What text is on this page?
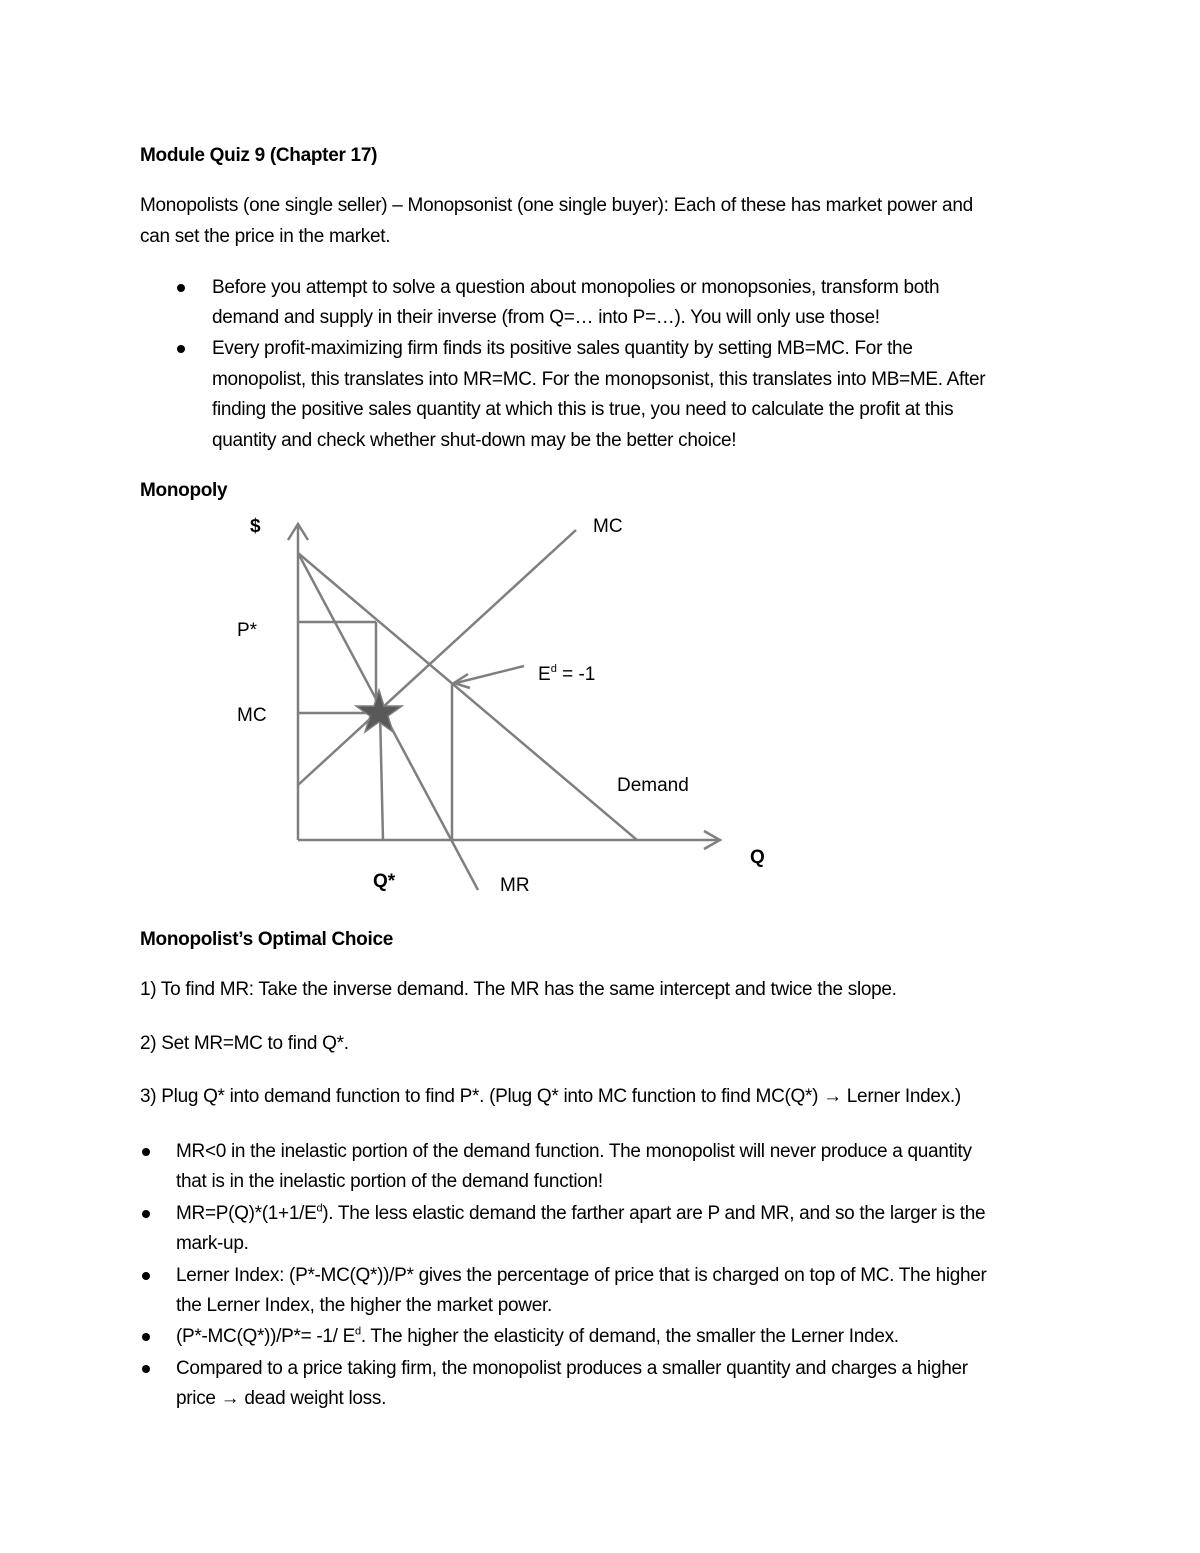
Module Quiz 9 (Chapter 17)
Monopolists (one single seller) – Monopsonist (one single buyer): Each of these has market power and
can set the price in the market.
Before you attempt to solve a question about monopolies or monopsonies, transform both
demand and supply in their inverse (from Q=… into P=…). You will only use those!
Every profit-maximizing firm finds its positive sales quantity by setting MB=MC. For the
monopolist, this translates into MR=MC. For the monopsonist, this translates into MB=ME. After
finding the positive sales quantity at which this is true, you need to calculate the profit at this
quantity and check whether shut-down may be the better choice!
Monopoly
$	MC
P*
MC
$E^d = -1$
Demand
Q
Q*	MR
Monopolist’s Optimal Choice
1) To find MR: Take the inverse demand. The MR has the same intercept and twice the slope.
2) Set MR=MC to find Q*.
3) Plug Q* into demand function to find P*. (Plug Q* into MC function to find MC(Q*) → Lerner Index.)
MR<0 in the inelastic portion of the demand function. The monopolist will never produce a quantity
that is in the inelastic portion of the demand function!
$MR=P(Q)*(1+1/E^d)$. The less elastic demand the farther apart are P and MR, and so the larger is the
mark-up.
Lerner Index: (P*-MC(Q*))/P* gives the percentage of price that is charged on top of MC. The higher
the Lerner Index, the higher the market power.
(P*-MC(Q*))/P*= -1/ $E^d$. The higher the elasticity of demand, the smaller the Lerner Index.
Compared to a price taking firm, the monopolist produces a smaller quantity and charges a higher
price → dead weight loss.
